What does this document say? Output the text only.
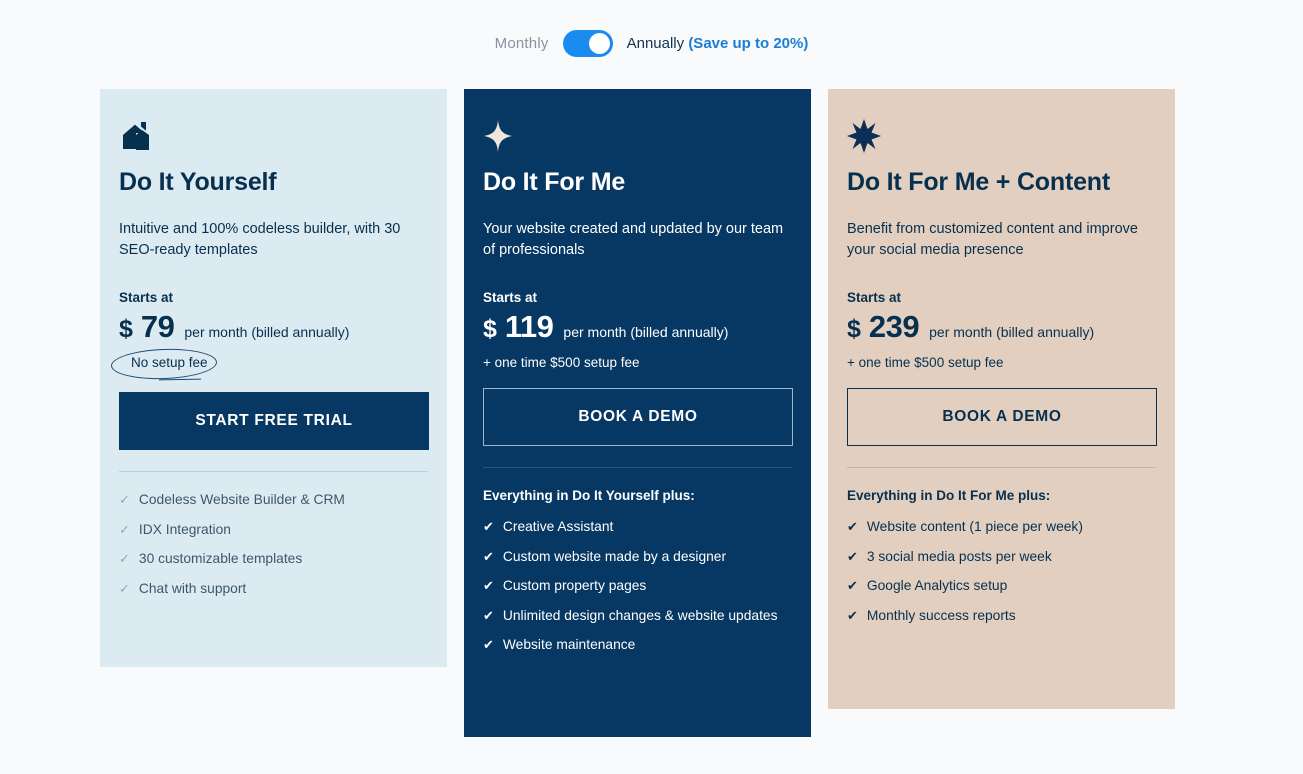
Monthly	Annually (Save up to 20%)
Do It Yourself

Intuitive and 100% codeless builder, with 30 SEO-ready templates

Starts at

$ 79 per month (billed annually)
No setup fee
START FREE TRIAL
✓ Codeless Website Builder & CRM
✓ IDX Integration
✓ 30 customizable templates
✓ Chat with support
Do It For Me

Your website created and updated by our team of professionals

Starts at

$ 119 per month (billed annually)

+ one time $500 setup fee

BOOK A DEMO

Everything in Do It Yourself plus:

✔ Creative Assistant
✔ Custom website made by a designer
✔ Custom property pages
✔ Unlimited design changes & website updates
✔ Website maintenance
Do It For Me + Content

Benefit from customized content and improve your social media presence

Starts at

$ 239 per month (billed annually)

+ one time $500 setup fee

BOOK A DEMO

Everything in Do It For Me plus:

✔ Website content (1 piece per week)
✔ 3 social media posts per week
✔ Google Analytics setup
✔ Monthly success reports
